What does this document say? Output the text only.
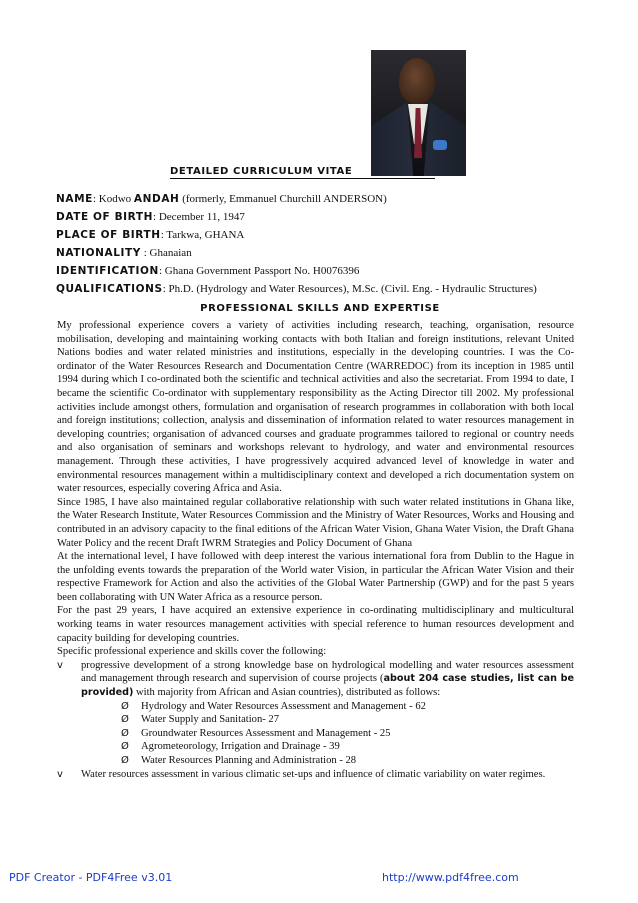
DETAILED CURRICULUM VITAE
NAME: Kodwo ANDAH (formerly, Emmanuel Churchill ANDERSON)
DATE OF BIRTH: December 11, 1947
PLACE OF BIRTH: Tarkwa, GHANA
NATIONALITY : Ghanaian
IDENTIFICATION: Ghana Government Passport No. H0076396
QUALIFICATIONS: Ph.D. (Hydrology and Water Resources), M.Sc. (Civil. Eng. - Hydraulic Structures)
PROFESSIONAL SKILLS AND EXPERTISE

My professional experience covers a variety of activities including research, teaching, organisation, resource mobilisation, developing and maintaining working contacts with both Italian and foreign institutions, relevant United Nations bodies and water related ministries and institutions, especially in the developing countries. I was the Co-ordinator of the Water Resources Research and Documentation Centre (WARREDOC) from its inception in 1985 until 1994 during which I co-ordinated both the scientific and technical activities and also the secretariat. From 1994 to date, I became the scientific Co-ordinator with supplementary responsibility as the Acting Director till 2002. My professional activities include amongst others, formulation and organisation of research programmes in collaboration with both local and foreign institutions; collection, analysis and dissemination of information related to water resources management in developing countries; organisation of advanced courses and graduate programmes tailored to regional or country needs and also organisation of seminars and workshops relevant to hydrology, and water and environmental resources management. Through these activities, I have progressively acquired advanced level of knowledge in water and environmental resources management within a multidisciplinary context and developed a rich documentation system on water resources, especially covering Africa and Asia.

Since 1985, I have also maintained regular collaborative relationship with such water related institutions in Ghana like, the Water Research Institute, Water Resources Commission and the Ministry of Water Resources, Works and Housing and contributed in an advisory capacity to the final editions of the African Water Vision, Ghana Water Vision, the Draft Ghana Water Policy and the recent Draft IWRM Strategies and Policy Document of Ghana

At the international level, I have followed with deep interest the various international fora from Dublin to the Hague in the unfolding events towards the preparation of the World water Vision, in particular the African Water Vision and their respective Framework for Action and also the activities of the Global Water Partnership (GWP) and for the past 5 years been collaborating with UN Water Africa as a resource person.

For the past 29 years, I have acquired an extensive experience in co-ordinating multidisciplinary and multicultural working teams in water resources management activities with special reference to human resources development and capacity building for developing countries.

Specific professional experience and skills cover the following:

v progressive development of a strong knowledge base on hydrological modelling and water resources assessment and management through research and supervision of course projects (about 204 case studies, list can be provided) with majority from African and Asian countries), distributed as follows:
Ø Hydrology and Water Resources Assessment and Management - 62
Ø Water Supply and Sanitation- 27
Ø Groundwater Resources Assessment and Management - 25
Ø Agrometeorology, Irrigation and Drainage - 39
Ø Water Resources Planning and Administration - 28
v Water resources assessment in various climatic set-ups and influence of climatic variability on water regimes.
PDF Creator - PDF4Free v3.01	http://www.pdf4free.com
